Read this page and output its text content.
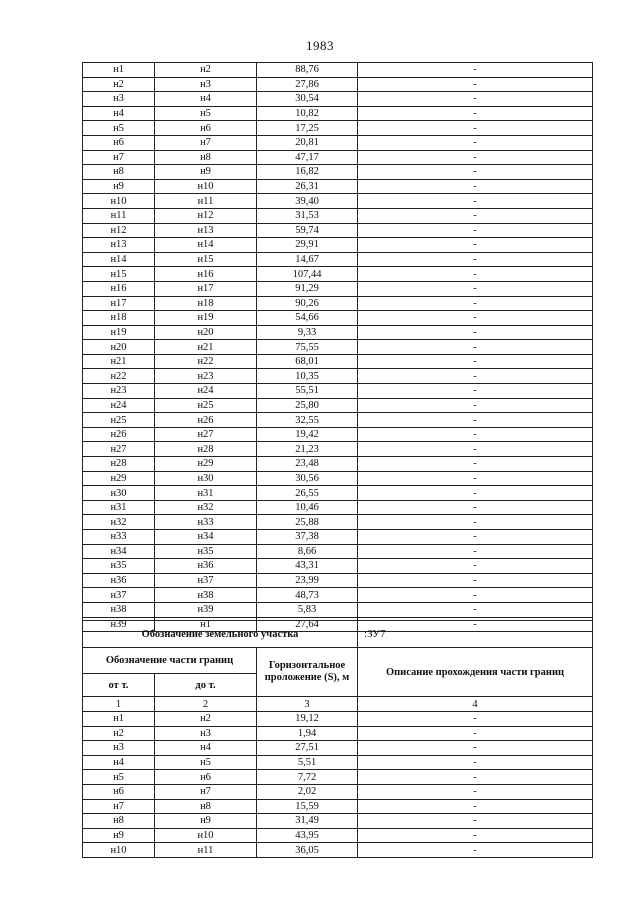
1983
н1	н2	88,76	-
н2	н3	27,86	-
н3	н4	30,54	-
н4	н5	10,82	-
н5	н6	17,25	-
н6	н7	20,81	-
н7	н8	47,17	-
н8	н9	16,82	-
н9	н10	26,31	-
н10	н11	39,40	-
н11	н12	31,53	-
н12	н13	59,74	-
н13	н14	29,91	-
н14	н15	14,67	-
н15	н16	107,44	-
н16	н17	91,29	-
н17	н18	90,26	-
н18	н19	54,66	-
н19	н20	9,33	-
н20	н21	75,55	-
н21	н22	68,01	-
н22	н23	10,35	-
н23	н24	55,51	-
н24	н25	25,80	-
н25	н26	32,55	-
н26	н27	19,42	-
н27	н28	21,23	-
н28	н29	23,48	-
н29	н30	30,56	-
н30	н31	26,55	-
н31	н32	10,46	-
н32	н33	25,88	-
н33	н34	37,38	-
н34	н35	8,66	-
н35	н36	43,31	-
н36	н37	23,99	-
н37	н38	48,73	-
н38	н39	5,83	-
н39	н1	27,64	-
Обозначение земельного участка			:ЗУ7
Обозначение части границ		Горизонтальное проложение (S), м	Описание прохождения части границ
от т.	до т.		
1	2	3	4
н1	н2	19,12	-
н2	н3	1,94	-
н3	н4	27,51	-
н4	н5	5,51	-
н5	н6	7,72	-
н6	н7	2,02	-
н7	н8	15,59	-
н8	н9	31,49	-
н9	н10	43,95	-
н10	н11	36,05	-
